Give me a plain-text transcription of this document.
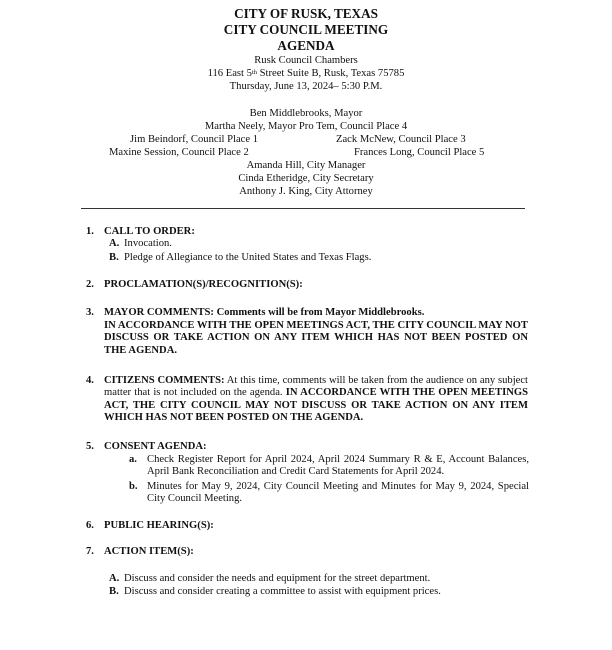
CITY OF RUSK, TEXAS
CITY COUNCIL MEETING
AGENDA
Rusk Council Chambers
116 East 5th Street Suite B, Rusk, Texas 75785
Thursday, June 13, 2024– 5:30 P.M.
Ben Middlebrooks, Mayor
Martha Neely, Mayor Pro Tem, Council Place 4
Jim Beindorf, Council Place 1	Zack McNew, Council Place 3
Maxine Session, Council Place 2	Frances Long, Council Place 5
Amanda Hill, City Manager
Cinda Etheridge, City Secretary
Anthony J. King, City Attorney
1. CALL TO ORDER:
A. Invocation.
B. Pledge of Allegiance to the United States and Texas Flags.
2. PROCLAMATION(S)/RECOGNITION(S):
3. MAYOR COMMENTS: Comments will be from Mayor Middlebrooks.
IN ACCORDANCE WITH THE OPEN MEETINGS ACT, THE CITY COUNCIL MAY NOT DISCUSS OR TAKE ACTION ON ANY ITEM WHICH HAS NOT BEEN POSTED ON THE AGENDA.
4. CITIZENS COMMENTS: At this time, comments will be taken from the audience on any subject matter that is not included on the agenda. IN ACCORDANCE WITH THE OPEN MEETINGS ACT, THE CITY COUNCIL MAY NOT DISCUSS OR TAKE ACTION ON ANY ITEM WHICH HAS NOT BEEN POSTED ON THE AGENDA.
5. CONSENT AGENDA:
a. Check Register Report for April 2024, April 2024 Summary R & E, Account Balances, April Bank Reconciliation and Credit Card Statements for April 2024.
b. Minutes for May 9, 2024, City Council Meeting and Minutes for May 9, 2024, Special City Council Meeting.
6. PUBLIC HEARING(S):
7. ACTION ITEM(S):
A. Discuss and consider the needs and equipment for the street department.
B. Discuss and consider creating a committee to assist with equipment prices.
